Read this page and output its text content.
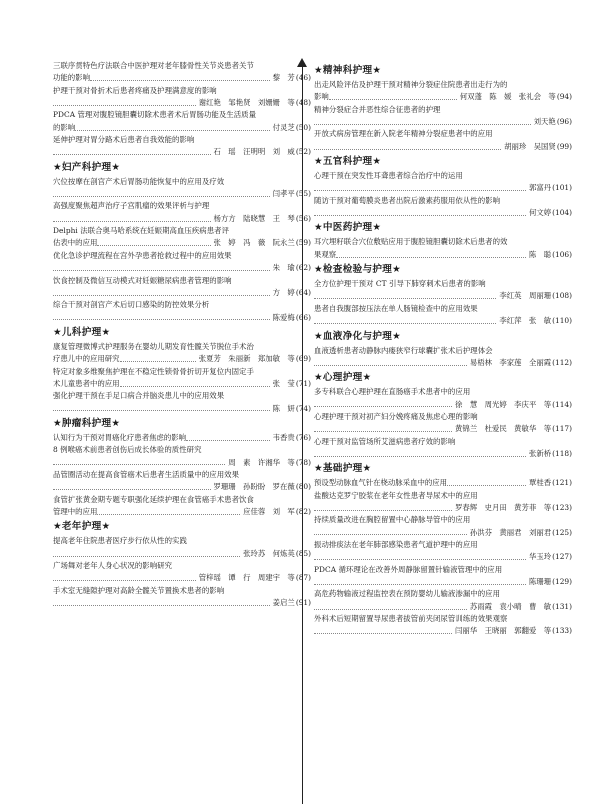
三联序贯特色疗法联合中医护理对老年膝骨性关节炎患者关节
功能的影响	黎　芳 (46)
护理干预对骨折术后患者疼痛及护理满意度的影响
谢红艳　邹艳贤　刘姗姗　等 (48)
PDCA 管理对腹腔镜胆囊切除术患者术后胃肠功能及生活质量
的影响	付灵芝 (50)
延伸护理对胃分路术后患者自我效能的影响
石　瑶　汪明明　刘　威 (52)
★妇产科护理★
穴位按摩在剖宫产术后胃肠功能恢复中的应用及疗效
闫孝平 (55)
高强度聚焦超声治疗子宫肌瘤的效果评析与护理
杨方方　陆晓慧　王　琴 (56)
Delphi 法联合奥马哈系统在妊娠期高血压疾病患者评
估表中的应用	张　婷　冯　薇　阮永兰 (59)
优化急诊护理流程在宫外孕患者抢救过程中的应用效果
朱　瑜 (62)
饮食控制及微信互动模式对妊娠糖尿病患者管理的影响
方　婷 (64)
综合干预对剖宫产术后切口感染的防控效果分析
陈爱梅 (66)
★儿科护理★
康复管理微博式护理服务在婴幼儿期发育性髋关节脱位手术治
疗患儿中的应用研究	张夏芳　朱丽新　郑加敏　等 (69)
特定对象多维聚焦护理在不稳定性锁骨骨折切开复位内固定手
术儿童患者中的应用	张　莹 (71)
强化护理干预在手足口病合并脑炎患儿中的应用效果
陈　妍 (74)
★肿瘤科护理★
认知行为干预对胃癌化疗患者焦虑的影响	韦香贵 (76)
8 例喉癌术前患者创伤后成长体验的质性研究
周　素　许湘华　等 (78)
品管圈活动在提高食管癌术后患者生活质量中的应用效果
罗珊珊　孙盼盼　罗在薇 (80)
食管扩张黄金期专题专职强化延续护理在食管癌手术患者饮食
管理中的应用	应佳蓉　刘　军 (82)
★老年护理★
提高老年住院患者医疗步行依从性的实践
张玲苏　何炼英 (85)
广场舞对老年人身心状况的影响研究
管梓瑶　谭　行　周建宇　等 (87)
手术室无缝隙护理对高龄全髋关节置换术患者的影响
姜启兰 (91)
★精神科护理★
出走风险评估及护理干预对精神分裂症住院患者出走行为的
影响	何双蓬　陈　媛　张礼会　等 (94)
精神分裂症合并恶性综合征患者的护理
刘天艳 (96)
开放式病房管理在新入院老年精神分裂症患者中的应用
胡丽珍　吴国贤 (99)
★五官科护理★
心理干预在突发性耳聋患者综合治疗中的运用
郭富丹 (101)
随访干预对葡萄膜炎患者出院后激素药服用依从性的影响
何文婷 (104)
★中医药护理★
耳穴埋籽联合穴位敷贴应用于腹腔镜胆囊切除术后患者的效
果观察	陈　聪 (106)
★检查检验与护理★
全方位护理干预对 CT 引导下肺穿刺术后患者的影响
李红英　周丽珊 (108)
患者自我腹部按压法在单人肠镜检查中的应用效果
李红萍　张　敏 (110)
★血液净化与护理★
血液透析患者动静脉内瘘狭窄行球囊扩张术后护理体会
易梧林　李家莲　全丽霞 (112)
★心理护理★
多专科联合心理护理在直肠癌手术患者中的应用
徐　慧　周光婷　李庆平　等 (114)
心理护理干预对初产妇分娩疼痛及焦虑心理的影响
黄锦兰　杜爱民　黄敏华　等 (117)
心理干预对监管场所艾滋病患者疗效的影响
张新桥 (118)
★基础护理★
预设型动脉血气针在桡动脉采血中的应用	覃桂香 (121)
盐酸达克罗宁胶浆在老年女性患者导尿术中的应用
罗春辉　史月田　黄芳菲　等 (123)
持续质量改进在胸腔留置中心静脉导管中的应用
孙洪芬　黄丽君　刘丽君 (125)
振动排痰法在老年肺部感染患者气道护理中的应用
华玉玲 (127)
PDCA 循环理论在改善外周静脉留置针输液管理中的应用
陈珊珊 (129)
高危药物输液过程监控表在预防婴幼儿输液渗漏中的应用
苏雨霞　袁小晴　曹　敏 (131)
外科术后短期留置导尿患者拔管前夹闭尿管训练的效果观察
闫丽华　王晓丽　郭翻爱　等 (133)
